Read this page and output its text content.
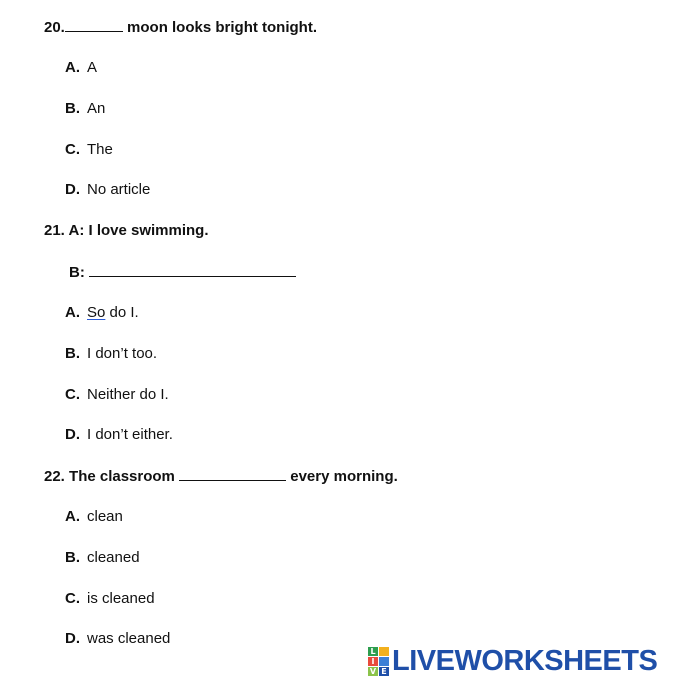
20.	moon looks bright tonight.
A. A
B. An
C. The
D. No article
21. A: I love swimming.
B:
A. So do I.
B. I don’t too.
C. Neither do I.
D. I don’t either.
22. The classroom	every morning.
A. clean
B. cleaned
C. is cleaned
D. was cleaned
L
I
V E LIVEWORKSHEETS
